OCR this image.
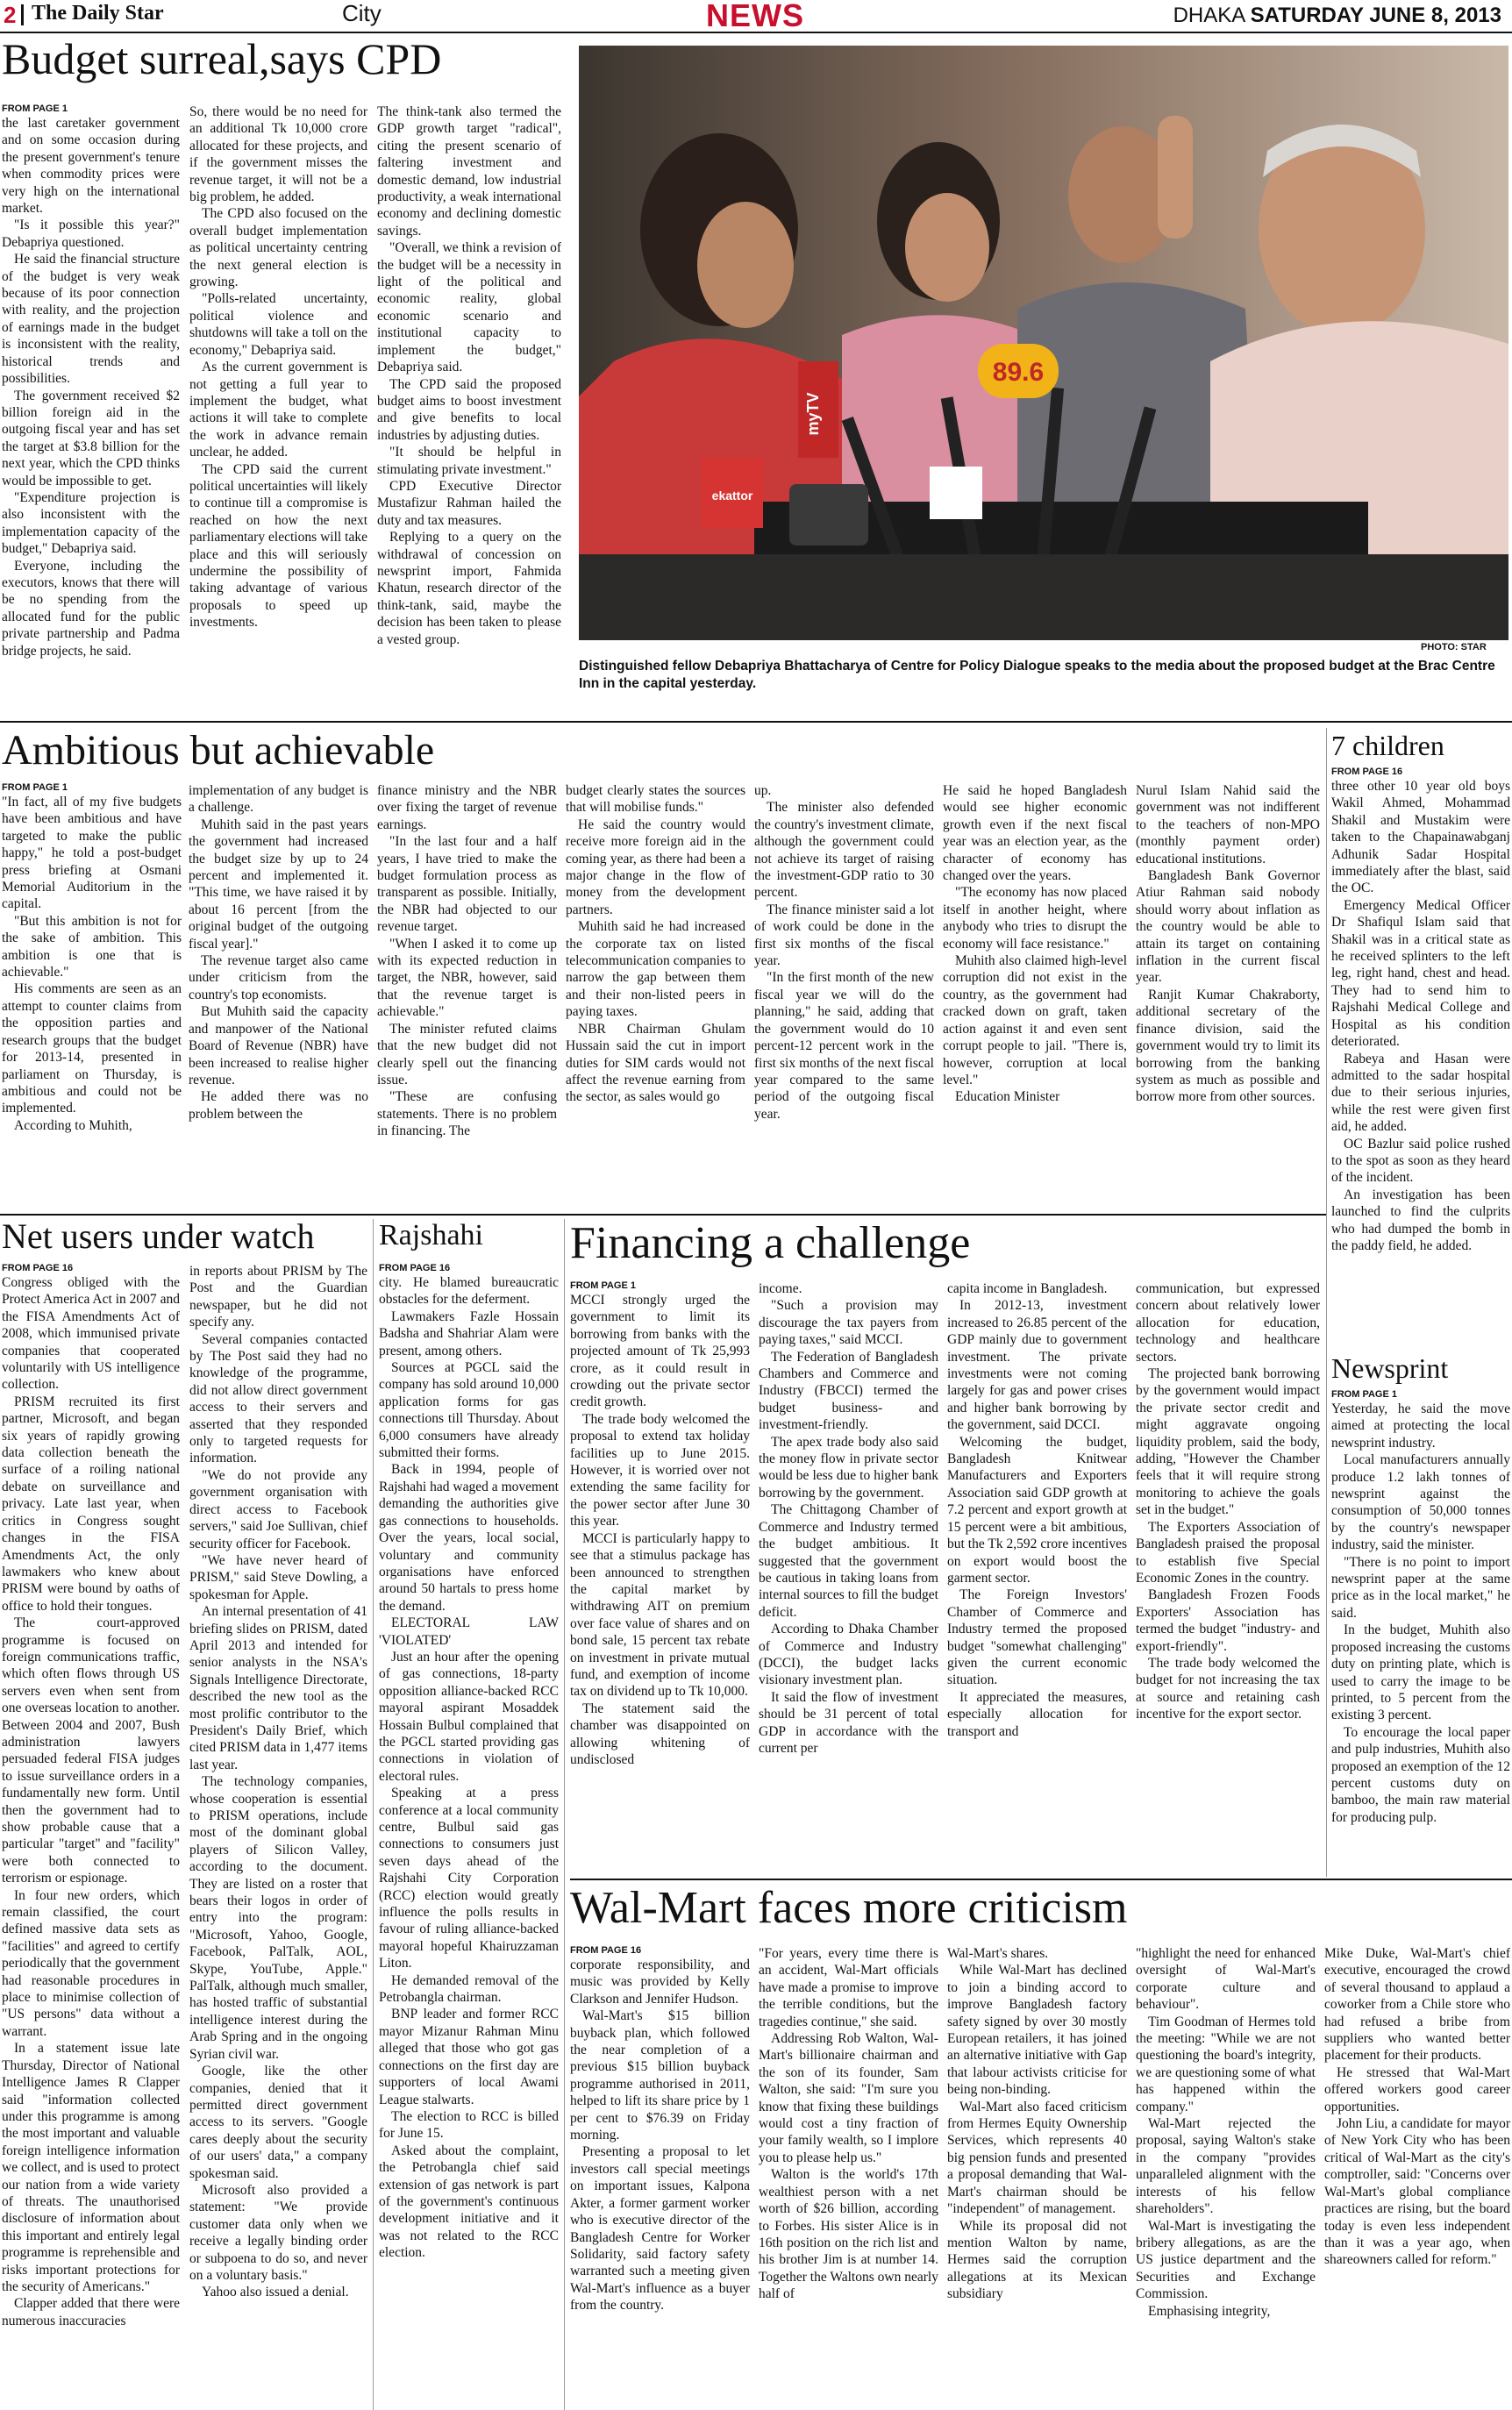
2 The Daily Star	City	NEWS	DHAKA SATURDAY JUNE 8, 2013
Budget surreal,says CPD
FROM PAGE 1

the last caretaker government and on some occasion during the present government's tenure when commodity prices were very high on the international market.

"Is it possible this year?" Debapriya questioned.

He said the financial structure of the budget is very weak because of its poor connection with reality, and the projection of earnings made in the budget is inconsistent with the reality, historical trends and possibilities.

The government received $2 billion foreign aid in the outgoing fiscal year and has set the target at $3.8 billion for the next year, which the CPD thinks would be impossible to get.

"Expenditure projection is also inconsistent with the implementation capacity of the budget," Debapriya said.

Everyone, including the executors, knows that there will be no spending from the allocated fund for the public private partnership and Padma bridge projects, he said.

So, there would be no need for an additional Tk 10,000 crore allocated for these projects, and if the government misses the revenue target, it will not be a big problem, he added.

The CPD also focused on the overall budget implementation as political uncertainty centring the next general election is growing.

"Polls-related uncertainty, political violence and shutdowns will take a toll on the economy," Debapriya said.

As the current government is not getting a full year to implement the budget, what actions it will take to complete the work in advance remain unclear, he added.

The CPD said the current political uncertainties will likely to continue till a compromise is reached on how the next parliamentary elections will take place and this will seriously undermine the possibility of taking advantage of various proposals to speed up investments.

The think-tank also termed the GDP growth target "radical", citing the present scenario of faltering investment and domestic demand, low industrial productivity, a weak international economy and declining domestic savings.

"Overall, we think a revision of the budget will be a necessity in light of the political and economic reality, global economic scenario and institutional capacity to implement the budget," Debapriya said.

The CPD said the proposed budget aims to boost investment and give benefits to local industries by adjusting duties.

"It should be helpful in stimulating private investment."

CPD Executive Director Mustafizur Rahman hailed the duty and tax measures.

Replying to a query on the withdrawal of concession on newsprint import, Fahmida Khatun, research director of the think-tank, said, maybe the decision has been taken to please a vested group.

myTV
89.6
ekattor
PHOTO: STAR
Distinguished fellow Debapriya Bhattacharya of Centre for Policy Dialogue speaks to the media about the proposed budget at the Brac Centre Inn in the capital yesterday.
Ambitious but achievable
FROM PAGE 1

"In fact, all of my five budgets have been ambitious and have targeted to make the public happy," he told a post-budget press briefing at Osmani Memorial Auditorium in the capital.

"But this ambition is not for the sake of ambition. This ambition is one that is achievable."

His comments are seen as an attempt to counter claims from the opposition parties and research groups that the budget for 2013-14, presented in parliament on Thursday, is ambitious and could not be implemented.

According to Muhith,

implementation of any budget is a challenge.

Muhith said in the past years the government had increased the budget size by up to 24 percent and implemented it. "This time, we have raised it by about 16 percent [from the original budget of the outgoing fiscal year]."

The revenue target also came under criticism from the country's top economists.

But Muhith said the capacity and manpower of the National Board of Revenue (NBR) have been increased to realise higher revenue.

He added there was no problem between the

finance ministry and the NBR over fixing the target of revenue earnings.

"In the last four and a half years, I have tried to make the budget formulation process as transparent as possible. Initially, the NBR had objected to our revenue target.

"When I asked it to come up with its expected reduction in target, the NBR, however, said that the revenue target is achievable."

The minister refuted claims that the new budget did not clearly spell out the financing issue.

"These are confusing statements. There is no problem in financing. The

budget clearly states the sources that will mobilise funds."

He said the country would receive more foreign aid in the coming year, as there had been a major change in the flow of money from the development partners.

Muhith said he had increased the corporate tax on listed telecommunication companies to narrow the gap between them and their non-listed peers in paying taxes.

NBR Chairman Ghulam Hussain said the cut in import duties for SIM cards would not affect the revenue earning from the sector, as sales would go

up.

The minister also defended the country's investment climate, although the government could not achieve its target of raising the investment-GDP ratio to 30 percent.

The finance minister said a lot of work could be done in the first six months of the fiscal year.

"In the first month of the new fiscal year we will do the planning," he said, adding that the government would do 10 percent-12 percent work in the first six months of the next fiscal year compared to the same period of the outgoing fiscal year.

He said he hoped Bangladesh would see higher economic growth even if the next fiscal year was an election year, as the character of economy has changed over the years.

"The economy has now placed itself in another height, where anybody who tries to disrupt the economy will face resistance."

Muhith also claimed high-level corruption did not exist in the country, as the government had cracked down on graft, taken action against it and even sent corrupt people to jail. "There is, however, corruption at local level."

Education Minister

Nurul Islam Nahid said the government was not indifferent to the teachers of non-MPO (monthly payment order) educational institutions.

Bangladesh Bank Governor Atiur Rahman said nobody should worry about inflation as the country would be able to attain its target on containing inflation in the current fiscal year.

Ranjit Kumar Chakraborty, additional secretary of the finance division, said the government would try to limit its borrowing from the banking system as much as possible and borrow more from other sources.

7 children
FROM PAGE 16

three other 10 year old boys Wakil Ahmed, Mohammad Shakil and Mustakim were taken to the Chapainawabganj Adhunik Sadar Hospital immediately after the blast, said the OC.

Emergency Medical Officer Dr Shafiqul Islam said that Shakil was in a critical state as he received splinters to the left leg, right hand, chest and head. They had to send him to Rajshahi Medical College and Hospital as his condition deteriorated.

Rabeya and Hasan were admitted to the sadar hospital due to their serious injuries, while the rest were given first aid, he added.

OC Bazlur said police rushed to the spot as soon as they heard of the incident.

An investigation has been launched to find the culprits who had dumped the bomb in the paddy field, he added.

Newsprint
FROM PAGE 1

Yesterday, he said the move aimed at protecting the local newsprint industry.

Local manufacturers annually produce 1.2 lakh tonnes of newsprint against the consumption of 50,000 tonnes by the country's newspaper industry, said the minister.

"There is no point to import newsprint paper at the same price as in the local market," he said.

In the budget, Muhith also proposed increasing the customs duty on printing plate, which is used to carry the image to be printed, to 5 percent from the existing 3 percent.

To encourage the local paper and pulp industries, Muhith also proposed an exemption of the 12 percent customs duty on bamboo, the main raw material for producing pulp.

Net users under watch
FROM PAGE 16

Congress obliged with the Protect America Act in 2007 and the FISA Amendments Act of 2008, which immunised private companies that cooperated voluntarily with US intelligence collection.

PRISM recruited its first partner, Microsoft, and began six years of rapidly growing data collection beneath the surface of a roiling national debate on surveillance and privacy. Late last year, when critics in Congress sought changes in the FISA Amendments Act, the only lawmakers who knew about PRISM were bound by oaths of office to hold their tongues.

The court-approved programme is focused on foreign communications traffic, which often flows through US servers even when sent from one overseas location to another. Between 2004 and 2007, Bush administration lawyers persuaded federal FISA judges to issue surveillance orders in a fundamentally new form. Until then the government had to show probable cause that a particular "target" and "facility" were both connected to terrorism or espionage.

In four new orders, which remain classified, the court defined massive data sets as "facilities" and agreed to certify periodically that the government had reasonable procedures in place to minimise collection of "US persons" data without a warrant.

In a statement issue late Thursday, Director of National Intelligence James R Clapper said "information collected under this programme is among the most important and valuable foreign intelligence information we collect, and is used to protect our nation from a wide variety of threats. The unauthorised disclosure of information about this important and entirely legal programme is reprehensible and risks important protections for the security of Americans."

Clapper added that there were numerous inaccuracies

in reports about PRISM by The Post and the Guardian newspaper, but he did not specify any.

Several companies contacted by The Post said they had no knowledge of the programme, did not allow direct government access to their servers and asserted that they responded only to targeted requests for information.

"We do not provide any government organisation with direct access to Facebook servers," said Joe Sullivan, chief security officer for Facebook.

"We have never heard of PRISM," said Steve Dowling, a spokesman for Apple.

An internal presentation of 41 briefing slides on PRISM, dated April 2013 and intended for senior analysts in the NSA's Signals Intelligence Directorate, described the new tool as the most prolific contributor to the President's Daily Brief, which cited PRISM data in 1,477 items last year.

The technology companies, whose cooperation is essential to PRISM operations, include most of the dominant global players of Silicon Valley, according to the document. They are listed on a roster that bears their logos in order of entry into the program: "Microsoft, Yahoo, Google, Facebook, PalTalk, AOL, Skype, YouTube, Apple." PalTalk, although much smaller, has hosted traffic of substantial intelligence interest during the Arab Spring and in the ongoing Syrian civil war.

Google, like the other companies, denied that it permitted direct government access to its servers. "Google cares deeply about the security of our users' data," a company spokesman said.

Microsoft also provided a statement: "We provide customer data only when we receive a legally binding order or subpoena to do so, and never on a voluntary basis."

Yahoo also issued a denial.

Rajshahi
FROM PAGE 16

city. He blamed bureaucratic obstacles for the deferment.

Lawmakers Fazle Hossain Badsha and Shahriar Alam were present, among others.

Sources at PGCL said the company has sold around 10,000 application forms for gas connections till Thursday. About 6,000 consumers have already submitted their forms.

Back in 1994, people of Rajshahi had waged a movement demanding the authorities give gas connections to households. Over the years, local social, voluntary and community organisations have enforced around 50 hartals to press home the demand.

ELECTORAL LAW 'VIOLATED'

Just an hour after the opening of gas connections, 18-party opposition alliance-backed RCC mayoral aspirant Mosaddek Hossain Bulbul complained that the PGCL started providing gas connections in violation of electoral rules.

Speaking at a press conference at a local community centre, Bulbul said gas connections to consumers just seven days ahead of the Rajshahi City Corporation (RCC) election would greatly influence the polls results in favour of ruling alliance-backed mayoral hopeful Khairuzzaman Liton.

He demanded removal of the Petrobangla chairman.

BNP leader and former RCC mayor Mizanur Rahman Minu alleged that those who got gas connections on the first day are supporters of local Awami League stalwarts.

The election to RCC is billed for June 15.

Asked about the complaint, the Petrobangla chief said extension of gas network is part of the government's continuous development initiative and it was not related to the RCC election.

Financing a challenge
FROM PAGE 1

MCCI strongly urged the government to limit its borrowing from banks with the projected amount of Tk 25,993 crore, as it could result in crowding out the private sector credit growth.

The trade body welcomed the proposal to extend tax holiday facilities up to June 2015. However, it is worried over not extending the same facility for the power sector after June 30 this year.

MCCI is particularly happy to see that a stimulus package has been announced to strengthen the capital market by withdrawing AIT on premium over face value of shares and on bond sale, 15 percent tax rebate on investment in private mutual fund, and exemption of income tax on dividend up to Tk 10,000.

The statement said the chamber was disappointed on allowing whitening of undisclosed

income.

"Such a provision may discourage the tax payers from paying taxes," said MCCI.

The Federation of Bangladesh Chambers and Commerce and Industry (FBCCI) termed the budget business- and investment-friendly.

The apex trade body also said the money flow in private sector would be less due to higher bank borrowing by the government.

The Chittagong Chamber of Commerce and Industry termed the budget ambitious. It suggested that the government be cautious in taking loans from internal sources to fill the budget deficit.

According to Dhaka Chamber of Commerce and Industry (DCCI), the budget lacks visionary investment plan.

It said the flow of investment should be 31 percent of total GDP in accordance with the current per

capita income in Bangladesh.

In 2012-13, investment increased to 26.85 percent of the GDP mainly due to government investment. The private investments were not coming largely for gas and power crises and higher bank borrowing by the government, said DCCI.

Welcoming the budget, Bangladesh Knitwear Manufacturers and Exporters Association said GDP growth at 7.2 percent and export growth at 15 percent were a bit ambitious, but the Tk 2,592 crore incentives on export would boost the garment sector.

The Foreign Investors' Chamber of Commerce and Industry termed the proposed budget "somewhat challenging" given the current economic situation.

It appreciated the measures, especially allocation for transport and

communication, but expressed concern about relatively lower allocation for education, technology and healthcare sectors.

The projected bank borrowing by the government would impact the private sector credit and might aggravate ongoing liquidity problem, said the body, adding, "However the Chamber feels that it will require strong monitoring to achieve the goals set in the budget."

The Exporters Association of Bangladesh praised the proposal to establish five Special Economic Zones in the country.

Bangladesh Frozen Foods Exporters' Association has termed the budget "industry- and export-friendly".

The trade body welcomed the budget for not increasing the tax at source and retaining cash incentive for the export sector.

Wal-Mart faces more criticism
FROM PAGE 16

corporate responsibility, and music was provided by Kelly Clarkson and Jennifer Hudson.

Wal-Mart's $15 billion buyback plan, which followed the near completion of a previous $15 billion buyback programme authorised in 2011, helped to lift its share price by 1 per cent to $76.39 on Friday morning.

Presenting a proposal to let investors call special meetings on important issues, Kalpona Akter, a former garment worker who is executive director of the Bangladesh Centre for Worker Solidarity, said factory safety warranted such a meeting given Wal-Mart's influence as a buyer from the country.

"For years, every time there is an accident, Wal-Mart officials have made a promise to improve the terrible conditions, but the tragedies continue," she said.

Addressing Rob Walton, Wal-Mart's billionaire chairman and the son of its founder, Sam Walton, she said: "I'm sure you know that fixing these buildings would cost a tiny fraction of your family wealth, so I implore you to please help us."

Walton is the world's 17th wealthiest person with a net worth of $26 billion, according to Forbes. His sister Alice is in 16th position on the rich list and his brother Jim is at number 14. Together the Waltons own nearly half of

Wal-Mart's shares.

While Wal-Mart has declined to join a binding accord to improve Bangladesh factory safety signed by over 30 mostly European retailers, it has joined an alternative initiative with Gap that labour activists criticise for being non-binding.

Wal-Mart also faced criticism from Hermes Equity Ownership Services, which represents 40 big pension funds and presented a proposal demanding that Wal-Mart's chairman should be "independent" of management.

While its proposal did not mention Walton by name, Hermes said the corruption allegations at its Mexican subsidiary

"highlight the need for enhanced oversight of Wal-Mart's corporate culture and behaviour".

Tim Goodman of Hermes told the meeting: "While we are not questioning the board's integrity, we are questioning some of what has happened within the company."

Wal-Mart rejected the proposal, saying Walton's stake in the company "provides unparalleled alignment with the interests of his fellow shareholders".

Wal-Mart is investigating the bribery allegations, as are the US justice department and the Securities and Exchange Commission.

Emphasising integrity,

Mike Duke, Wal-Mart's chief executive, encouraged the crowd of several thousand to applaud a coworker from a Chile store who had refused a bribe from suppliers who wanted better placement for their products.

He stressed that Wal-Mart offered workers good career opportunities.

John Liu, a candidate for mayor of New York City who has been critical of Wal-Mart as the city's comptroller, said: "Concerns over Wal-Mart's global compliance practices are rising, but the board today is even less independent than it was a year ago, when shareowners called for reform."
